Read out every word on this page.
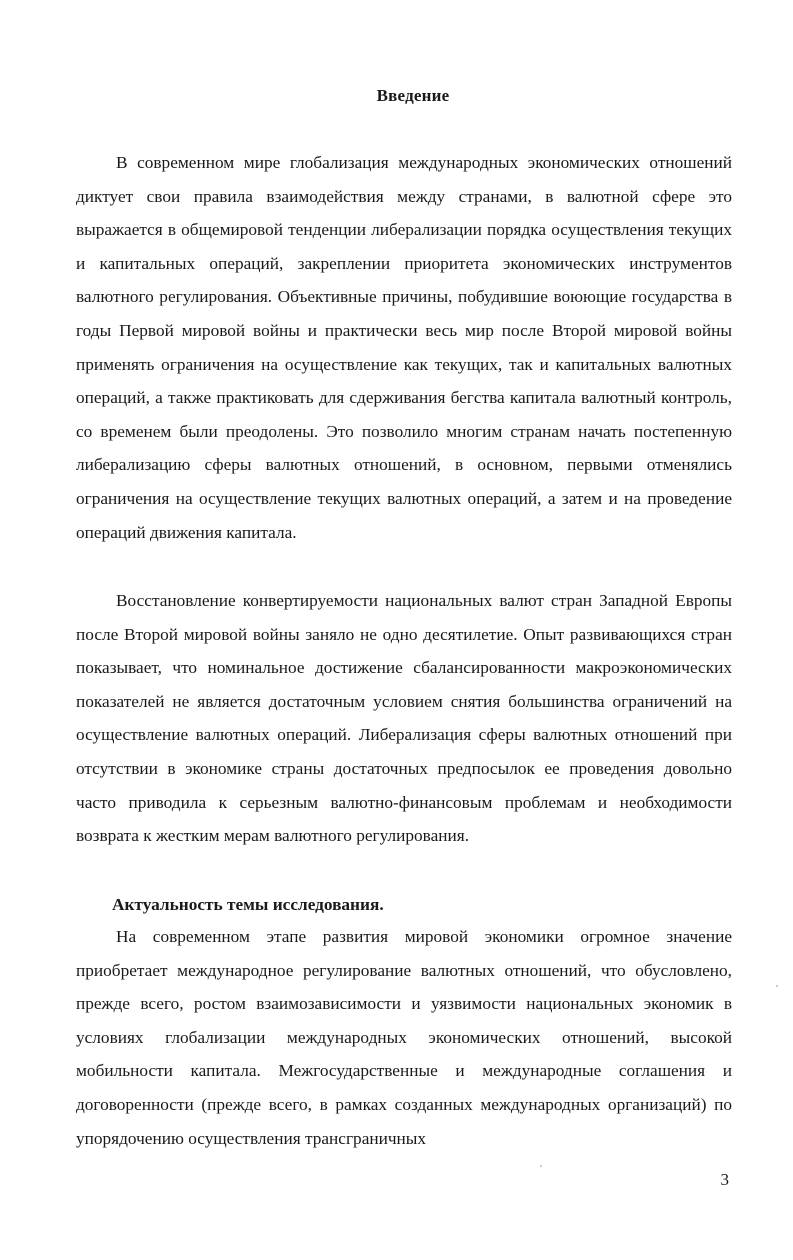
Введение

В современном мире глобализация международных экономических отношений диктует свои правила взаимодействия между странами, в валютной сфере это выражается в общемировой тенденции либерализации порядка осуществления текущих и капитальных операций, закреплении приоритета экономических инструментов валютного регулирования. Объективные причины, побудившие воюющие государства в годы Первой мировой войны и практически весь мир после Второй мировой войны применять ограничения на осуществление как текущих, так и капитальных валютных операций, а также практиковать для сдерживания бегства капитала валютный контроль, со временем были преодолены. Это позволило многим странам начать постепенную либерализацию сферы валютных отношений, в основном, первыми отменялись ограничения на осуществление текущих валютных операций, а затем и на проведение операций движения капитала.

Восстановление конвертируемости национальных валют стран Западной Европы после Второй мировой войны заняло не одно десятилетие. Опыт развивающихся стран показывает, что номинальное достижение сбалансированности макроэкономических показателей не является достаточным условием снятия большинства ограничений на осуществление валютных операций. Либерализация сферы валютных отношений при отсутствии в экономике страны достаточных предпосылок ее проведения довольно часто приводила к серьезным валютно-финансовым проблемам и необходимости возврата к жестким мерам валютного регулирования.

Актуальность темы исследования.

На современном этапе развития мировой экономики огромное значение приобретает международное регулирование валютных отношений, что обусловлено, прежде всего, ростом взаимозависимости и уязвимости национальных экономик в условиях глобализации международных экономических отношений, высокой мобильности капитала. Межгосударственные и международные соглашения и договоренности (прежде всего, в рамках созданных международных организаций) по упорядочению осуществления трансграничных

3
